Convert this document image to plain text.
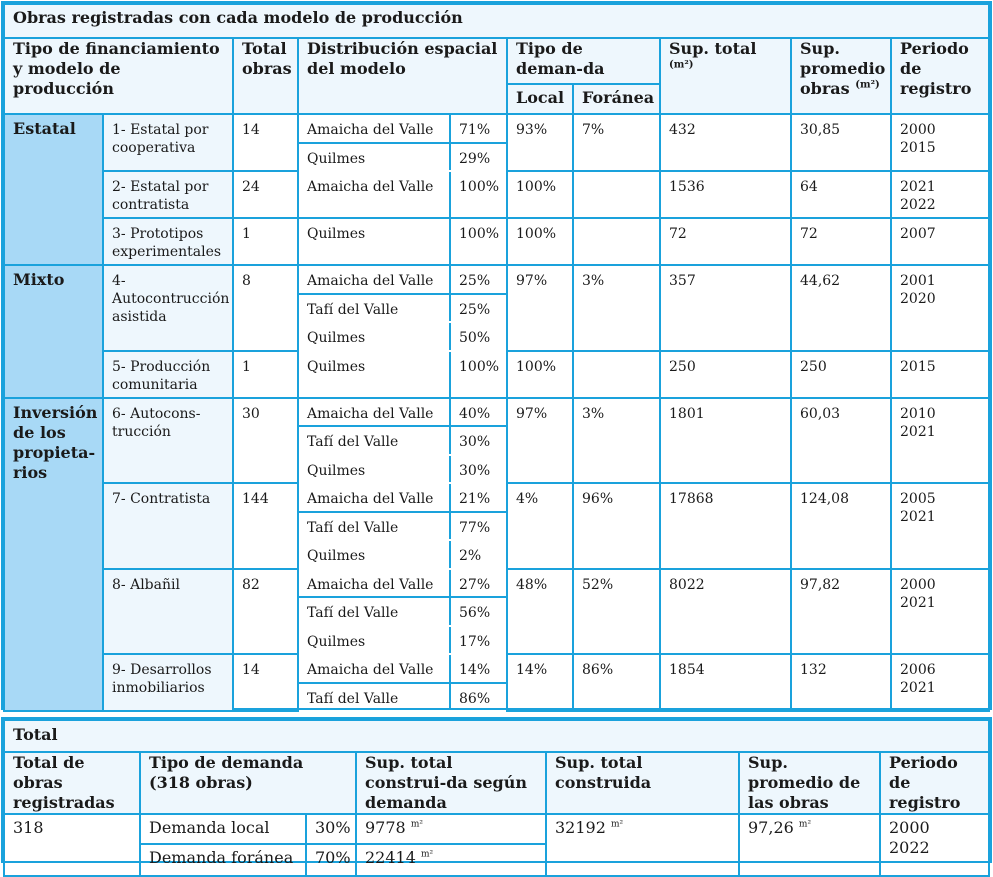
Obras registradas con cada modelo de producción									
Tipo de financiamiento y modelo de producción		Total obras	Distribución espacial del modelo		Tipo de deman-da		Sup. total $^{(m^2)}$	Sup. promedio obras $^{(m^2)}$	Periodo de registro
					Local	Foránea			
Estatal	1- Estatal por cooperativa	14	Amaicha del Valle	71%	93%	7%	432	30,85	2000
2015
			Quilmes	29%					
	2- Estatal por contratista	24	Amaicha del Valle	100%	100%		1536	64	2021
2022
	3- Prototipos experimentales	1	Quilmes	100%	100%		72	72	2007
Mixto	4- Autocontrucción asistida	8	Amaicha del Valle	25%	97%	3%	357	44,62	2001
2020
			Tafí del Valle	25%					
			Quilmes	50%					
	5- Producción comunitaria	1	Quilmes	100%	100%		250	250	2015
Inversión de los propieta-rios	6- Autocons-trucción	30	Amaicha del Valle	40%	97%	3%	1801	60,03	2010
2021
			Tafí del Valle	30%					
			Quilmes	30%					
	7- Contratista	144	Amaicha del Valle	21%	4%	96%	17868	124,08	2005
2021
			Tafí del Valle	77%					
			Quilmes	2%					
	8- Albañil	82	Amaicha del Valle	27%	48%	52%	8022	97,82	2000
2021
			Tafí del Valle	56%					
			Quilmes	17%					
	9- Desarrollos inmobiliarios	14	Amaicha del Valle	14%	14%	86%	1854	132	2006
2021
			Tafí del Valle	86%					
Total						
Total de obras registradas	Tipo de demanda (318 obras)		Sup. total construi-da según demanda	Sup. total construida	Sup. promedio de las obras	Periodo de registro
318	Demanda local	30%	9778 $^{m^2}$	32192 $^{m^2}$	97,26 $^{m^2}$	2000
2022
	Demanda foránea	70%	22414 $^{m^2}$
